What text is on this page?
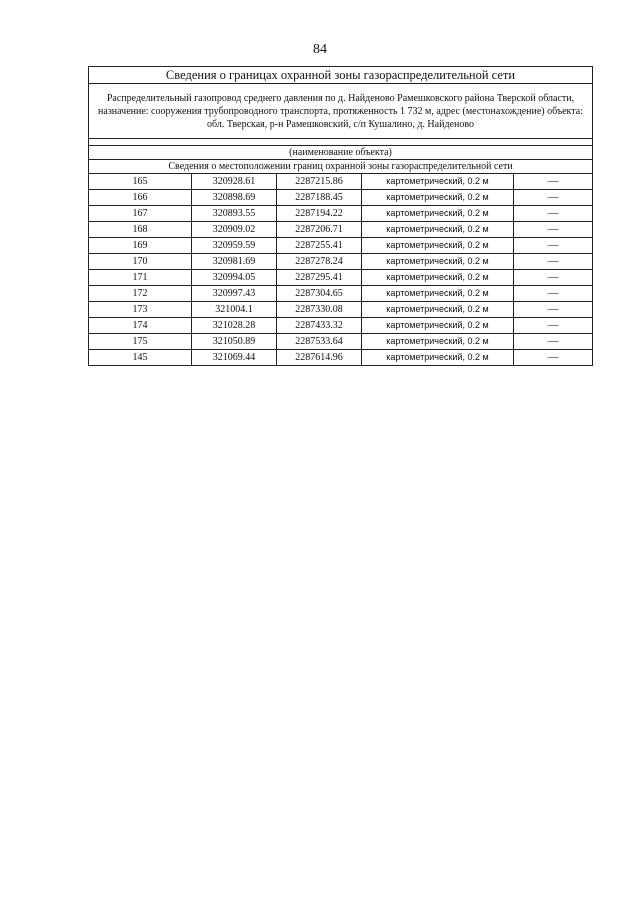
84
Сведения о границах охранной зоны газораспределительной сети				
Распределительный газопровод среднего давления по д. Найденово Рамешковского района Тверской области, назначение: сооружения трубопроводного транспорта, протяженность 1 732 м, адрес (местонахождение) объекта: обл. Тверская, р-н Рамешковский, с/п Кушалино, д. Найденово				

(наименование объекта)				
Сведения о местоположении границ охранной зоны газораспределительной сети				
165	320928.61	2287215.86	картометрический, 0.2 м	—
166	320898.69	2287188.45	картометрический, 0.2 м	—
167	320893.55	2287194.22	картометрический, 0.2 м	—
168	320909.02	2287206.71	картометрический, 0.2 м	—
169	320959.59	2287255.41	картометрический, 0.2 м	—
170	320981.69	2287278.24	картометрический, 0.2 м	—
171	320994.05	2287295.41	картометрический, 0.2 м	—
172	320997.43	2287304.65	картометрический, 0.2 м	—
173	321004.1	2287330.08	картометрический, 0.2 м	—
174	321028.28	2287433.32	картометрический, 0.2 м	—
175	321050.89	2287533.64	картометрический, 0.2 м	—
145	321069.44	2287614.96	картометрический, 0.2 м	—
